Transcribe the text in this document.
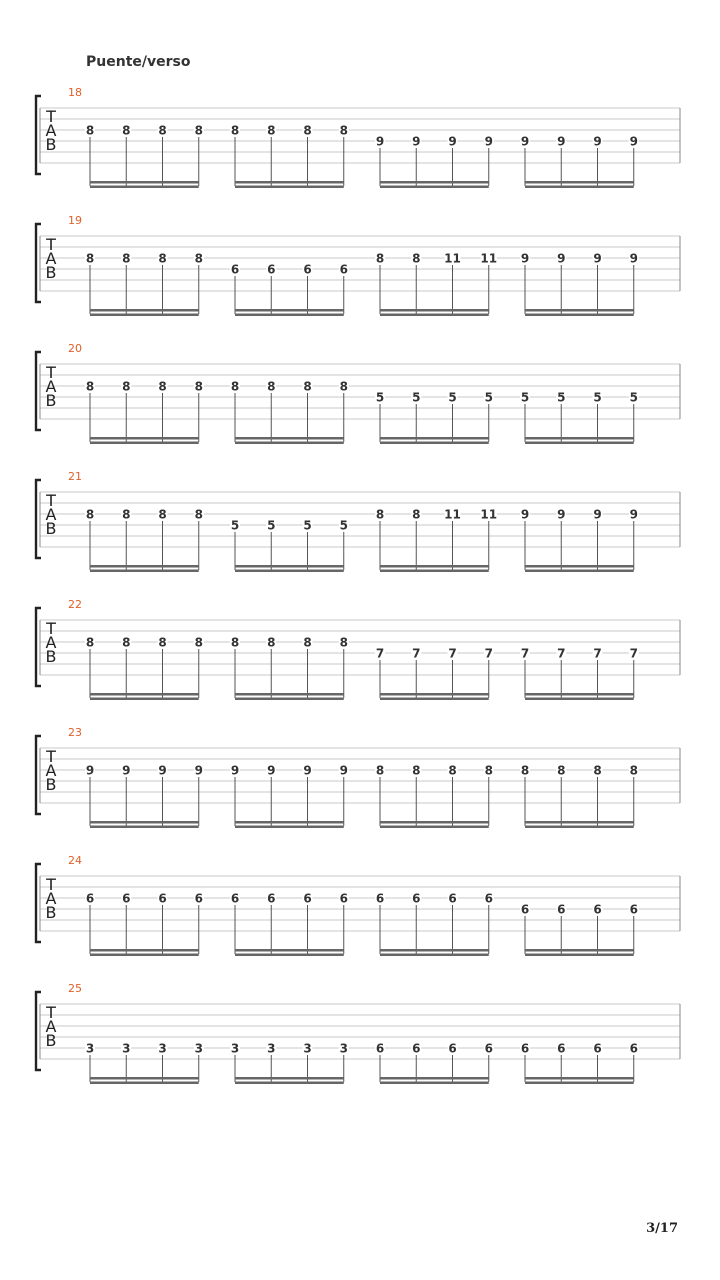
Puente/verso
T
A
B
18
8 8 8 8 8 8 8 8
9 9 9 9 9 9 9 9
T
A
B
19
8 8 8 8
6 6 6 6
8 8 11 11 9 9 9 9
T
A
B
20
8 8 8 8 8 8 8 8
5 5 5 5 5 5 5 5
T
A
B
21
8 8 8 8
5 5 5 5
8 8 11 11 9 9 9 9
T
A
B
22
8 8 8 8 8 8 8 8
7 7 7 7 7 7 7 7
T
A
B
23
9 9 9 9 9 9 9 9 8 8 8 8 8 8 8 8
T
A
B
24
6 6 6 6 6 6 6 6 6 6 6 6
6 6 6 6
T
A
B
25
3 3 3 3 3 3 3 3 6 6 6 6 6 6 6 6
3/17
